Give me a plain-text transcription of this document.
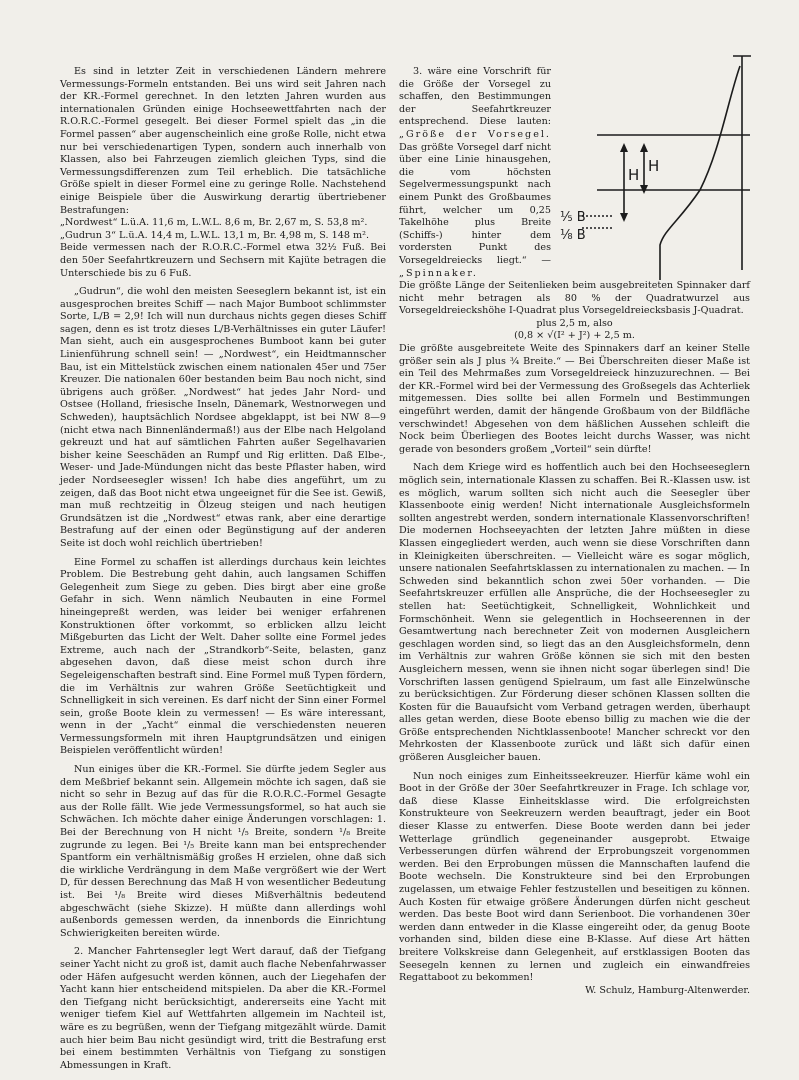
Es sind in letzter Zeit in verschiedenen Ländern mehrere Vermessungs-Formeln entstanden. Bei uns wird seit Jahren nach der KR.-Formel gerechnet. In den letzten Jahren wurden aus internationalen Gründen einige Hochseewettfahrten nach der R.O.R.C.-Formel gesegelt. Bei dieser Formel spielt das „in die Formel passen“ aber augenscheinlich eine große Rolle, nicht etwa nur bei verschiedenartigen Typen, sondern auch innerhalb von Klassen, also bei Fahrzeugen ziemlich gleichen Typs, sind die Vermessungsdifferenzen zum Teil erheblich. Die tatsächliche Größe spielt in dieser Formel eine zu geringe Rolle. Nachstehend einige Beispiele über die Auswirkung derartig übertriebener Bestrafungen:

„Nordwest“ L.ü.A. 11,6 m, L.W.L. 8,6 m, Br. 2,67 m, S. 53,8 m².

„Gudrun 3“ L.ü.A. 14,4 m, L.W.L. 13,1 m, Br. 4,98 m, S. 148 m².

Beide vermessen nach der R.O.R.C.-Formel etwa 32½ Fuß. Bei den 50er Seefahrtkreuzern und Sechsern mit Kajüte betragen die Unterschiede bis zu 6 Fuß.

„Gudrun“, die wohl den meisten Seeseglern bekannt ist, ist ein ausgesprochen breites Schiff — nach Major Bumboot schlimmster Sorte, L/B = 2,9! Ich will nun durchaus nichts gegen dieses Schiff sagen, denn es ist trotz dieses L/B-Verhältnisses ein guter Läufer! Man sieht, auch ein ausgesprochenes Bumboot kann bei guter Linienführung schnell sein! — „Nordwest“, ein Heidtmannscher Bau, ist ein Mittelstück zwischen einem nationalen 45er und 75er Kreuzer. Die nationalen 60er bestanden beim Bau noch nicht, sind übrigens auch größer. „Nordwest“ hat jedes Jahr Nord- und Ostsee (Holland, friesische Inseln, Dänemark, Westnorwegen und Schweden), hauptsächlich Nordsee abgeklappt, ist bei NW 8—9 (nicht etwa nach Binnenländermaß!) aus der Elbe nach Helgoland gekreuzt und hat auf sämtlichen Fahrten außer Segelhavarien bisher keine Seeschäden an Rumpf und Rig erlitten. Daß Elbe-, Weser- und Jade-Mündungen nicht das beste Pflaster haben, wird jeder Nordseesegler wissen! Ich habe dies angeführt, um zu zeigen, daß das Boot nicht etwa ungeeignet für die See ist. Gewiß, man muß rechtzeitig in Ölzeug steigen und nach heutigen Grundsätzen ist die „Nordwest“ etwas rank, aber eine derartige Bestrafung auf der einen oder Begünstigung auf der anderen Seite ist doch wohl reichlich übertrieben!

Eine Formel zu schaffen ist allerdings durchaus kein leichtes Problem. Die Bestrebung geht dahin, auch langsamen Schiffen Gelegenheit zum Siege zu geben. Dies birgt aber eine große Gefahr in sich. Wenn nämlich Neubauten in eine Formel hineingepreßt werden, was leider bei weniger erfahrenen Konstruktionen öfter vorkommt, so erblicken allzu leicht Mißgeburten das Licht der Welt. Daher sollte eine Formel jedes Extreme, auch nach der „Strandkorb“-Seite, belasten, ganz abgesehen davon, daß diese meist schon durch ihre Segeleigenschaften bestraft sind. Eine Formel muß Typen fördern, die im Verhältnis zur wahren Größe Seetüchtigkeit und Schnelligkeit in sich vereinen. Es darf nicht der Sinn einer Formel sein, große Boote klein zu vermessen! — Es wäre interessant, wenn in der „Yacht“ einmal die verschiedensten neueren Vermessungsformeln mit ihren Hauptgrundsätzen und einigen Beispielen veröffentlicht würden!

Nun einiges über die KR.-Formel. Sie dürfte jedem Segler aus dem Meßbrief bekannt sein. Allgemein möchte ich sagen, daß sie nicht so sehr in Bezug auf das für die R.O.R.C.-Formel Gesagte aus der Rolle fällt. Wie jede Vermessungsformel, so hat auch sie Schwächen. Ich möchte daher einige Änderungen vorschlagen: 1. Bei der Berechnung von H nicht ¹/₅ Breite, sondern ¹/₈ Breite zugrunde zu legen. Bei ¹/₅ Breite kann man bei entsprechender Spantform ein verhältnismäßig großes H erzielen, ohne daß sich die wirkliche Verdrängung in dem Maße vergrößert wie der Wert D, für dessen Berechnung das Maß H von wesentlicher Bedeutung ist. Bei ¹/₈ Breite wird dieses Mißverhältnis bedeutend abgeschwächt (siehe Skizze). H müßte dann allerdings wohl außenbords gemessen werden, da innenbords die Einrichtung Schwierigkeiten bereiten würde.

2. Mancher Fahrtensegler legt Wert darauf, daß der Tiefgang seiner Yacht nicht zu groß ist, damit auch flache Nebenfahrwasser oder Häfen aufgesucht werden können, auch der Liegehafen der Yacht kann hier entscheidend mitspielen. Da aber die KR.-Formel den Tiefgang nicht berücksichtigt, andererseits eine Yacht mit weniger tiefem Kiel auf Wettfahrten allgemein im Nachteil ist, wäre es zu begrüßen, wenn der Tiefgang mitgezählt würde. Damit auch hier beim Bau nicht gesündigt wird, tritt die Bestrafung erst bei einem bestimmten Verhältnis von Tiefgang zu sonstigen Abmessungen in Kraft.

3. wäre eine Vorschrift für die Größe der Vorsegel zu schaffen, den Bestimmungen der Seefahrtkreuzer entsprechend. Diese lauten: „Größe der Vorsegel. Das größte Vorsegel darf nicht über eine Linie hinausgehen, die vom höchsten Segelvermessungspunkt nach einem Punkt des Großbaumes führt, welcher um 0,25 Takelhöhe plus Breite (Schiffs-) hinter dem vordersten Punkt des Vorsegeldreiecks liegt.“ — „Spinnaker.

Die größte Länge der Seitenlieken beim ausgebreiteten Spinnaker darf nicht mehr betragen als 80 % der Quadratwurzel aus Vorsegeldreieckshöhe I-Quadrat plus Vorsegeldreiecksbasis J-Quadrat.

plus 2,5 m, also

(0,8 × √(I² + J²) + 2,5 m.

Die größte ausgebreitete Weite des Spinnakers darf an keiner Stelle größer sein als J plus ¾ Breite.“ — Bei Überschreiten dieser Maße ist ein Teil des Mehrmaßes zum Vorsegeldreieck hinzuzurechnen. — Bei der KR.-Formel wird bei der Vermessung des Großsegels das Achterliek mitgemessen. Dies sollte bei allen Formeln und Bestimmungen eingeführt werden, damit der hängende Großbaum von der Bildfläche verschwindet! Abgesehen von dem häßlichen Aussehen schleift die Nock beim Überliegen des Bootes leicht durchs Wasser, was nicht gerade von besonders großem „Vorteil“ sein dürfte!

Nach dem Kriege wird es hoffentlich auch bei den Hochseeseglern möglich sein, internationale Klassen zu schaffen. Bei R.-Klassen usw. ist es möglich, warum sollten sich nicht auch die Seesegler über Klassenboote einig werden! Nicht internationale Ausgleichsformeln sollten angestrebt werden, sondern internationale Klassenvorschriften! Die modernen Hochseeyachten der letzten Jahre müßten in diese Klassen eingegliedert werden, auch wenn sie diese Vorschriften dann in Kleinigkeiten überschreiten. — Vielleicht wäre es sogar möglich, unsere nationalen Seefahrtsklassen zu internationalen zu machen. — In Schweden sind bekanntlich schon zwei 50er vorhanden. — Die Seefahrtskreuzer erfüllen alle Ansprüche, die der Hochseesegler zu stellen hat: Seetüchtigkeit, Schnelligkeit, Wohnlichkeit und Formschönheit. Wenn sie gelegentlich in Hochseerennen in der Gesamtwertung nach berechneter Zeit von modernen Ausgleichern geschlagen worden sind, so liegt das an den Ausgleichsformeln, denn im Verhältnis zur wahren Größe können sie sich mit den besten Ausgleichern messen, wenn sie ihnen nicht sogar überlegen sind! Die Vorschriften lassen genügend Spielraum, um fast alle Einzelwünsche zu berücksichtigen. Zur Förderung dieser schönen Klassen sollten die Kosten für die Bauaufsicht vom Verband getragen werden, überhaupt alles getan werden, diese Boote ebenso billig zu machen wie die der Größe entsprechenden Nichtklassenboote! Mancher schreckt vor den Mehrkosten der Klassenboote zurück und läßt sich dafür einen größeren Ausgleicher bauen.

Nun noch einiges zum Einheitsseekreuzer. Hierfür käme wohl ein Boot in der Größe der 30er Seefahrtkreuzer in Frage. Ich schlage vor, daß diese Klasse Einheitsklasse wird. Die erfolgreichsten Konstrukteure von Seekreuzern werden beauftragt, jeder ein Boot dieser Klasse zu entwerfen. Diese Boote werden dann bei jeder Wetterlage gründlich gegeneinander ausgeprobt. Etwaige Verbesserungen dürfen während der Erprobungszeit vorgenommen werden. Bei den Erprobungen müssen die Mannschaften laufend die Boote wechseln. Die Konstrukteure sind bei den Erprobungen zugelassen, um etwaige Fehler festzustellen und beseitigen zu können. Auch Kosten für etwaige größere Änderungen dürfen nicht gescheut werden. Das beste Boot wird dann Serienboot. Die vorhandenen 30er werden dann entweder in die Klasse eingereiht oder, da genug Boote vorhanden sind, bilden diese eine B-Klasse. Auf diese Art hätten breitere Volkskreise dann Gelegenheit, auf erstklassigen Booten das Seesegeln kennen zu lernen und zugleich ein einwandfreies Regattaboot zu bekommen!

W. Schulz, Hamburg-Altenwerder.

H H
⅕ B
⅛ B
